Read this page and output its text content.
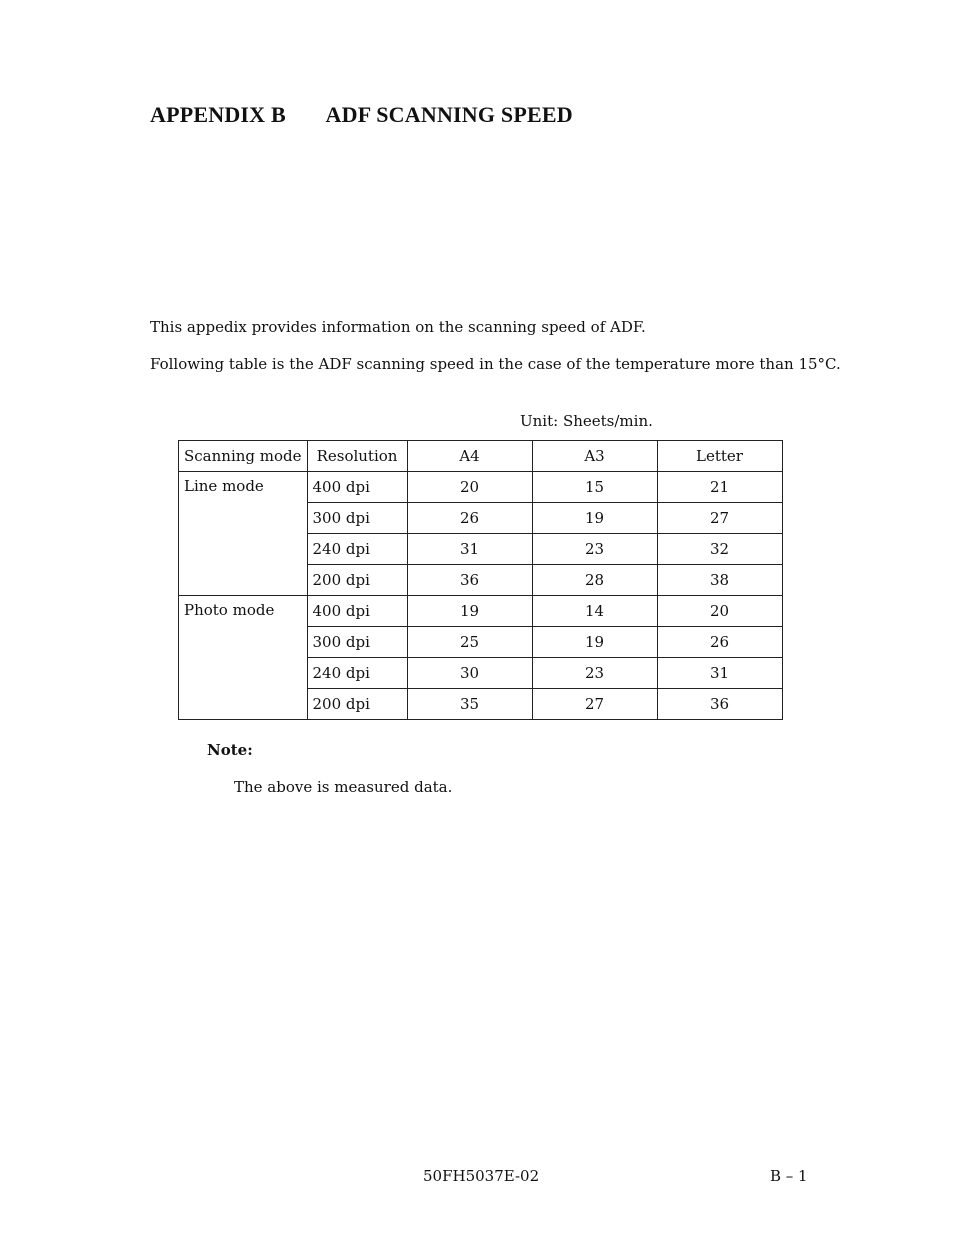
APPENDIX B ADF SCANNING SPEED
This appedix provides information on the scanning speed of ADF.
Following table is the ADF scanning speed in the case of the temperature more than 15°C.
Unit: Sheets/min.
Scanning mode	Resolution	A4	A3	Letter
Line mode	400 dpi	20	15	21
	300 dpi	26	19	27
	240 dpi	31	23	32
	200 dpi	36	28	38
Photo mode	400 dpi	19	14	20
	300 dpi	25	19	26
	240 dpi	30	23	31
	200 dpi	35	27	36
Note:
The above is measured data.
50FH5037E-02	B – 1
